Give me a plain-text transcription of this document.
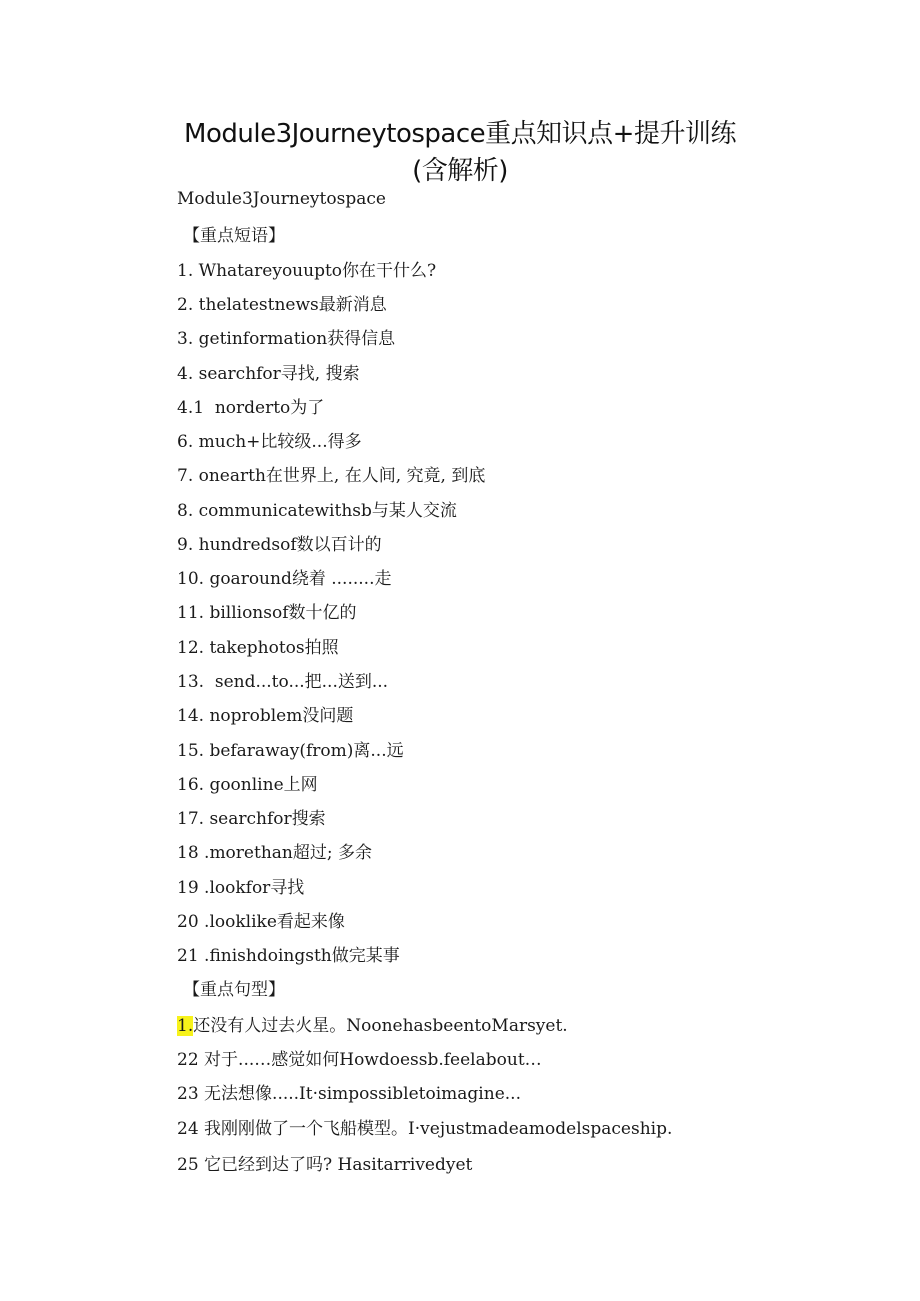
Module3Journeytospace重点知识点+提升训练
(含解析)
Module3Journeytospace
【重点短语】
1. Whatareyouupto你在干什么?
2. thelatestnews最新消息
3. getinformation获得信息
4. searchfor寻找, 搜索
4.1  norderto为了
6. much+比较级...得多
7. onearth在世界上, 在人间, 究竟, 到底
8. communicatewithsb与某人交流
9. hundredsof数以百计的
10. goaround绕着 ........走
11. billionsof数十亿的
12. takephotos拍照
13.  send...to...把...送到...
14. noproblem没问题
15. befaraway(from)离...远
16. goonline上网
17. searchfor搜索
18 .morethan超过; 多余
19 .lookfor寻找
20 .looklike看起来像
21 .finishdoingsth做完某事
【重点句型】
1.还没有人过去火星。NoonehasbeentoMarsyet.
22 对于...…感觉如何Howdoessb.feelabout…
23 无法想像.....It·simpossibletoimagine...
24 我刚刚做了一个飞船模型。I·vejustmadeamodelspaceship.
25 它已经到达了吗? Hasitarrivedyet
